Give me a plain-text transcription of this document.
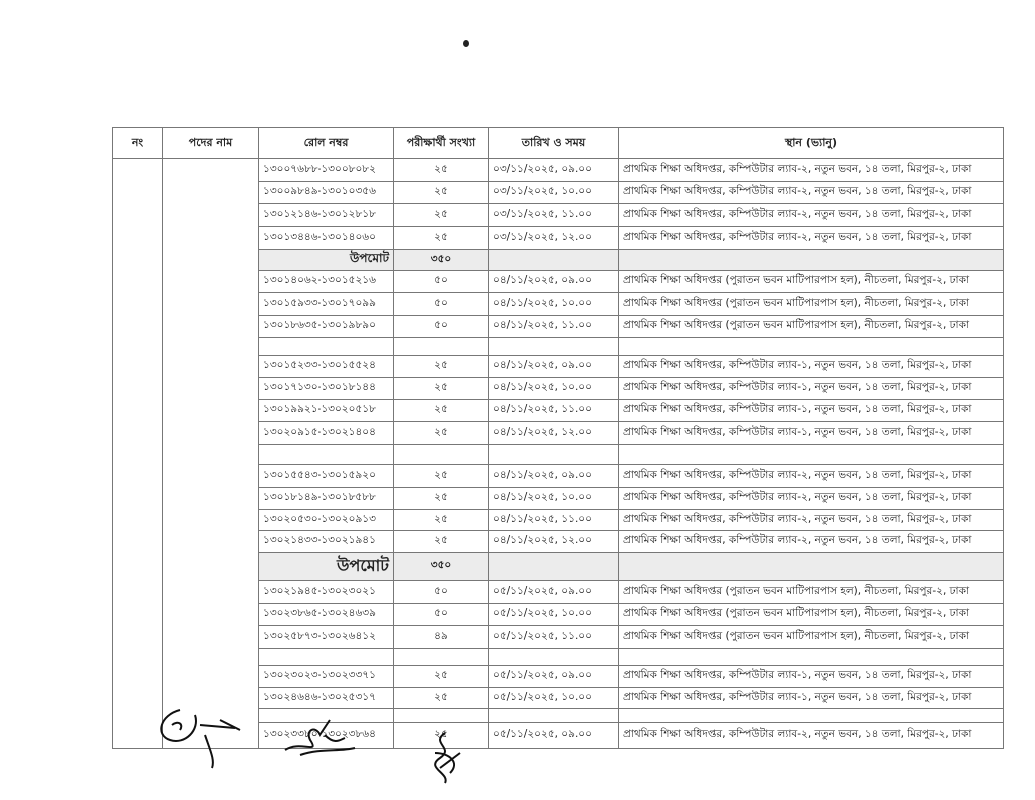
নং	পদের নাম	রোল নম্বর	পরীক্ষার্থী সংখ্যা	তারিখ ও সময়	স্থান (ভ্যানু)
		১৩০০৭৬৮৮-১৩০০৮০৮২	২৫	০৩/১১/২০২৫, ০৯.০০	প্রাথমিক শিক্ষা অধিদপ্তর, কম্পিউটার ল্যাব-২, নতুন ভবন, ১৪ তলা, মিরপুর-২, ঢাকা
		১৩০০৯৮৪৯-১৩০১০৩৫৬	২৫	০৩/১১/২০২৫, ১০.০০	প্রাথমিক শিক্ষা অধিদপ্তর, কম্পিউটার ল্যাব-২, নতুন ভবন, ১৪ তলা, মিরপুর-২, ঢাকা
		১৩০১২১৪৬-১৩০১২৮১৮	২৫	০৩/১১/২০২৫, ১১.০০	প্রাথমিক শিক্ষা অধিদপ্তর, কম্পিউটার ল্যাব-২, নতুন ভবন, ১৪ তলা, মিরপুর-২, ঢাকা
		১৩০১৩৪৪৬-১৩০১৪০৬০	২৫	০৩/১১/২০২৫, ১২.০০	প্রাথমিক শিক্ষা অধিদপ্তর, কম্পিউটার ল্যাব-২, নতুন ভবন, ১৪ তলা, মিরপুর-২, ঢাকা
		উপমোট	৩৫০		
		১৩০১৪০৬২-১৩০১৫২১৬	৫০	০৪/১১/২০২৫, ০৯.০০	প্রাথমিক শিক্ষা অধিদপ্তর (পুরাতন ভবন মাটিপারপাস হল), নীচতলা, মিরপুর-২, ঢাকা
		১৩০১৫৯৩৩-১৩০১৭০৯৯	৫০	০৪/১১/২০২৫, ১০.০০	প্রাথমিক শিক্ষা অধিদপ্তর (পুরাতন ভবন মাটিপারপাস হল), নীচতলা, মিরপুর-২, ঢাকা
		১৩০১৮৬৩৫-১৩০১৯৮৯০	৫০	০৪/১১/২০২৫, ১১.০০	প্রাথমিক শিক্ষা অধিদপ্তর (পুরাতন ভবন মাটিপারপাস হল), নীচতলা, মিরপুর-২, ঢাকা

		১৩০১৫২৩৩-১৩০১৫৫২৪	২৫	০৪/১১/২০২৫, ০৯.০০	প্রাথমিক শিক্ষা অধিদপ্তর, কম্পিউটার ল্যাব-১, নতুন ভবন, ১৪ তলা, মিরপুর-২, ঢাকা
		১৩০১৭১৩০-১৩০১৮১৪৪	২৫	০৪/১১/২০২৫, ১০.০০	প্রাথমিক শিক্ষা অধিদপ্তর, কম্পিউটার ল্যাব-১, নতুন ভবন, ১৪ তলা, মিরপুর-২, ঢাকা
		১৩০১৯৯২১-১৩০২০৫১৮	২৫	০৪/১১/২০২৫, ১১.০০	প্রাথমিক শিক্ষা অধিদপ্তর, কম্পিউটার ল্যাব-১, নতুন ভবন, ১৪ তলা, মিরপুর-২, ঢাকা
		১৩০২০৯১৫-১৩০২১৪০৪	২৫	০৪/১১/২০২৫, ১২.০০	প্রাথমিক শিক্ষা অধিদপ্তর, কম্পিউটার ল্যাব-১, নতুন ভবন, ১৪ তলা, মিরপুর-২, ঢাকা

		১৩০১৫৫৪৩-১৩০১৫৯২০	২৫	০৪/১১/২০২৫, ০৯.০০	প্রাথমিক শিক্ষা অধিদপ্তর, কম্পিউটার ল্যাব-২, নতুন ভবন, ১৪ তলা, মিরপুর-২, ঢাকা
		১৩০১৮১৪৯-১৩০১৮৫৮৮	২৫	০৪/১১/২০২৫, ১০.০০	প্রাথমিক শিক্ষা অধিদপ্তর, কম্পিউটার ল্যাব-২, নতুন ভবন, ১৪ তলা, মিরপুর-২, ঢাকা
		১৩০২০৫৩০-১৩০২০৯১৩	২৫	০৪/১১/২০২৫, ১১.০০	প্রাথমিক শিক্ষা অধিদপ্তর, কম্পিউটার ল্যাব-২, নতুন ভবন, ১৪ তলা, মিরপুর-২, ঢাকা
		১৩০২১৪৩৩-১৩০২১৯৪১	২৫	০৪/১১/২০২৫, ১২.০০	প্রাথমিক শিক্ষা অধিদপ্তর, কম্পিউটার ল্যাব-২, নতুন ভবন, ১৪ তলা, মিরপুর-২, ঢাকা
		উপমোট	৩৫০		
		১৩০২১৯৪৫-১৩০২৩০২১	৫০	০৫/১১/২০২৫, ০৯.০০	প্রাথমিক শিক্ষা অধিদপ্তর (পুরাতন ভবন মাটিপারপাস হল), নীচতলা, মিরপুর-২, ঢাকা
		১৩০২৩৮৬৫-১৩০২৪৬৩৯	৫০	০৫/১১/২০২৫, ১০.০০	প্রাথমিক শিক্ষা অধিদপ্তর (পুরাতন ভবন মাটিপারপাস হল), নীচতলা, মিরপুর-২, ঢাকা
		১৩০২৫৮৭৩-১৩০২৬৪১২	৪৯	০৫/১১/২০২৫, ১১.০০	প্রাথমিক শিক্ষা অধিদপ্তর (পুরাতন ভবন মাটিপারপাস হল), নীচতলা, মিরপুর-২, ঢাকা

		১৩০২৩০২৩-১৩০২৩৩৭১	২৫	০৫/১১/২০২৫, ০৯.০০	প্রাথমিক শিক্ষা অধিদপ্তর, কম্পিউটার ল্যাব-১, নতুন ভবন, ১৪ তলা, মিরপুর-২, ঢাকা
		১৩০২৪৬৪৬-১৩০২৫৩১৭	২৫	০৫/১১/২০২৫, ১০.০০	প্রাথমিক শিক্ষা অধিদপ্তর, কম্পিউটার ল্যাব-১, নতুন ভবন, ১৪ তলা, মিরপুর-২, ঢাকা

		১৩০২৩৩৮০-১৩০২৩৮৬৪	২৫	০৫/১১/২০২৫, ০৯.০০	প্রাথমিক শিক্ষা অধিদপ্তর, কম্পিউটার ল্যাব-২, নতুন ভবন, ১৪ তলা, মিরপুর-২, ঢাকা
